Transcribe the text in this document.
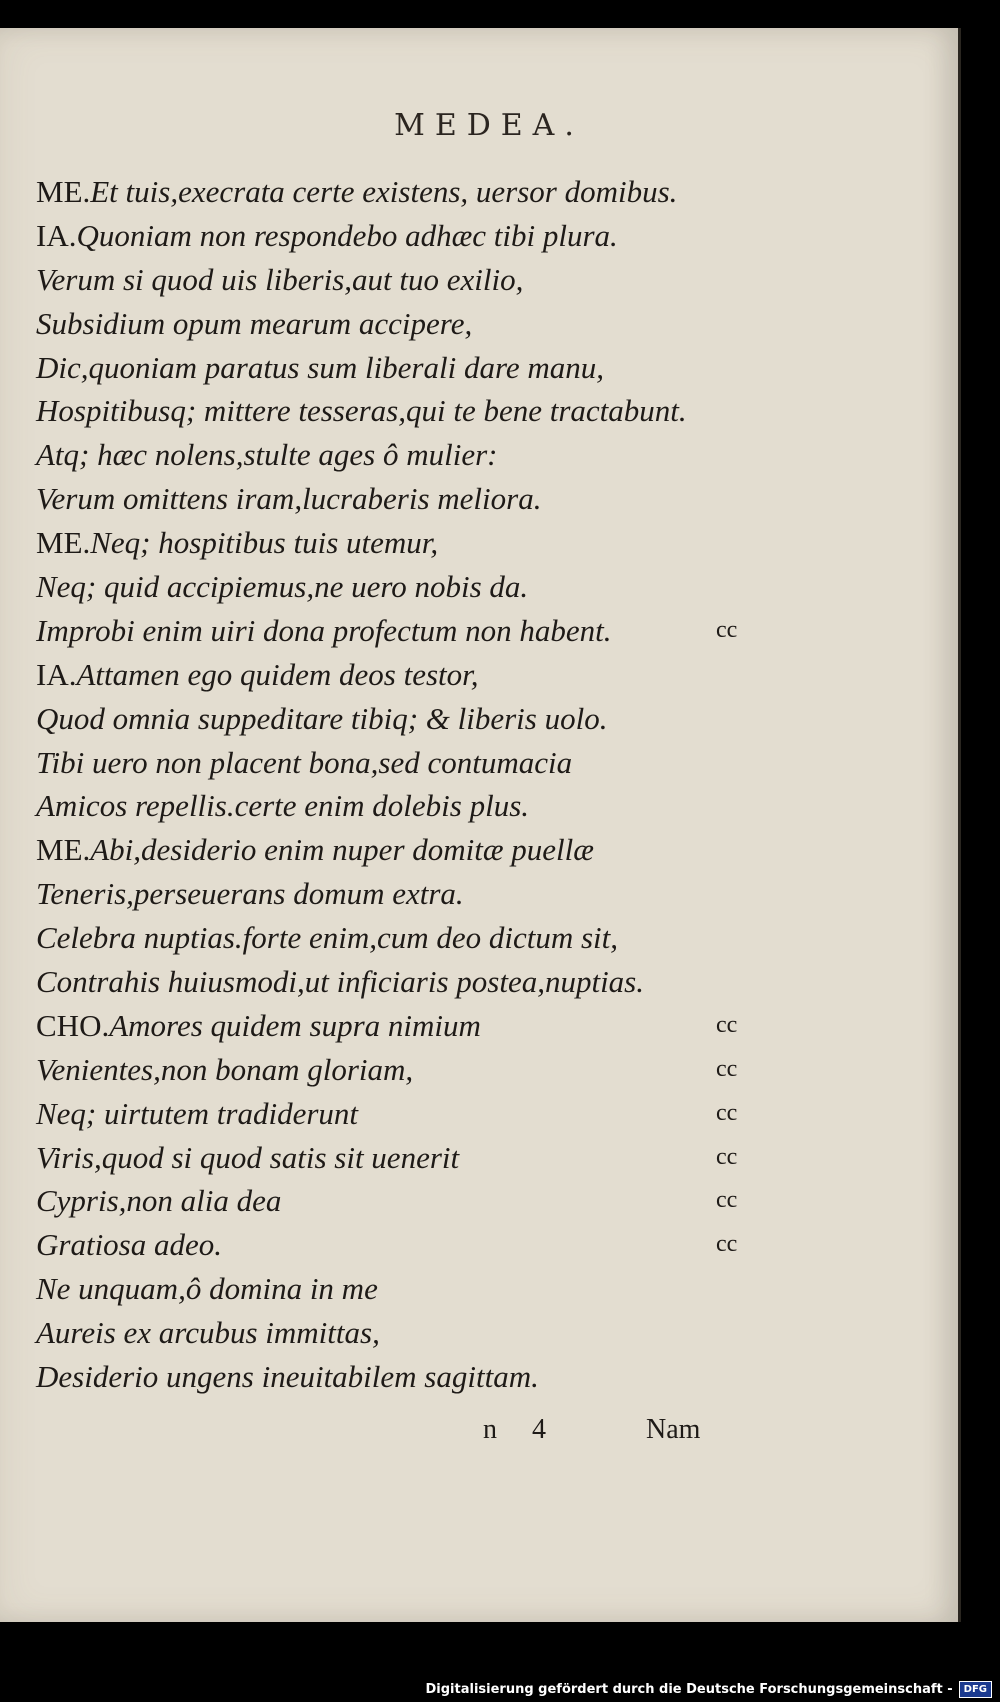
MEDEA.
ME.Et tuis,execrata certe existens, uersor domibus.
IA.Quoniam non respondebo adhæc tibi plura.
Verum si quod uis liberis,aut tuo exilio,
Subsidium opum mearum accipere,
Dic,quoniam paratus sum liberali dare manu,
Hospitibusq; mittere tesseras,qui te bene tractabunt.
Atq; hæc nolens,stulte ages ô mulier:
Verum omittens iram,lucraberis meliora.
ME.Neq; hospitibus tuis utemur,
Neq; quid accipiemus,ne uero nobis da.
Improbi enim uiri dona profectum non habent.	cc
IA.Attamen ego quidem deos testor,
Quod omnia suppeditare tibiq; & liberis uolo.
Tibi uero non placent bona,sed contumacia
Amicos repellis.certe enim dolebis plus.
ME.Abi,desiderio enim nuper domitæ puellæ
Teneris,perseuerans domum extra.
Celebra nuptias.forte enim,cum deo dictum sit,
Contrahis huiusmodi,ut inficiaris postea,nuptias.
CHO.Amores quidem supra nimium	cc
Venientes,non bonam gloriam,	cc
Neq; uirtutem tradiderunt	cc
Viris,quod si quod satis sit uenerit	cc
Cypris,non alia dea	cc
Gratiosa adeo.	cc
Ne unquam,ô domina in me
Aureis ex arcubus immittas,
Desiderio ungens ineuitabilem sagittam.
n 4	Nam
Digitalisierung gefördert durch die Deutsche Forschungsgemeinschaft -	DFG
